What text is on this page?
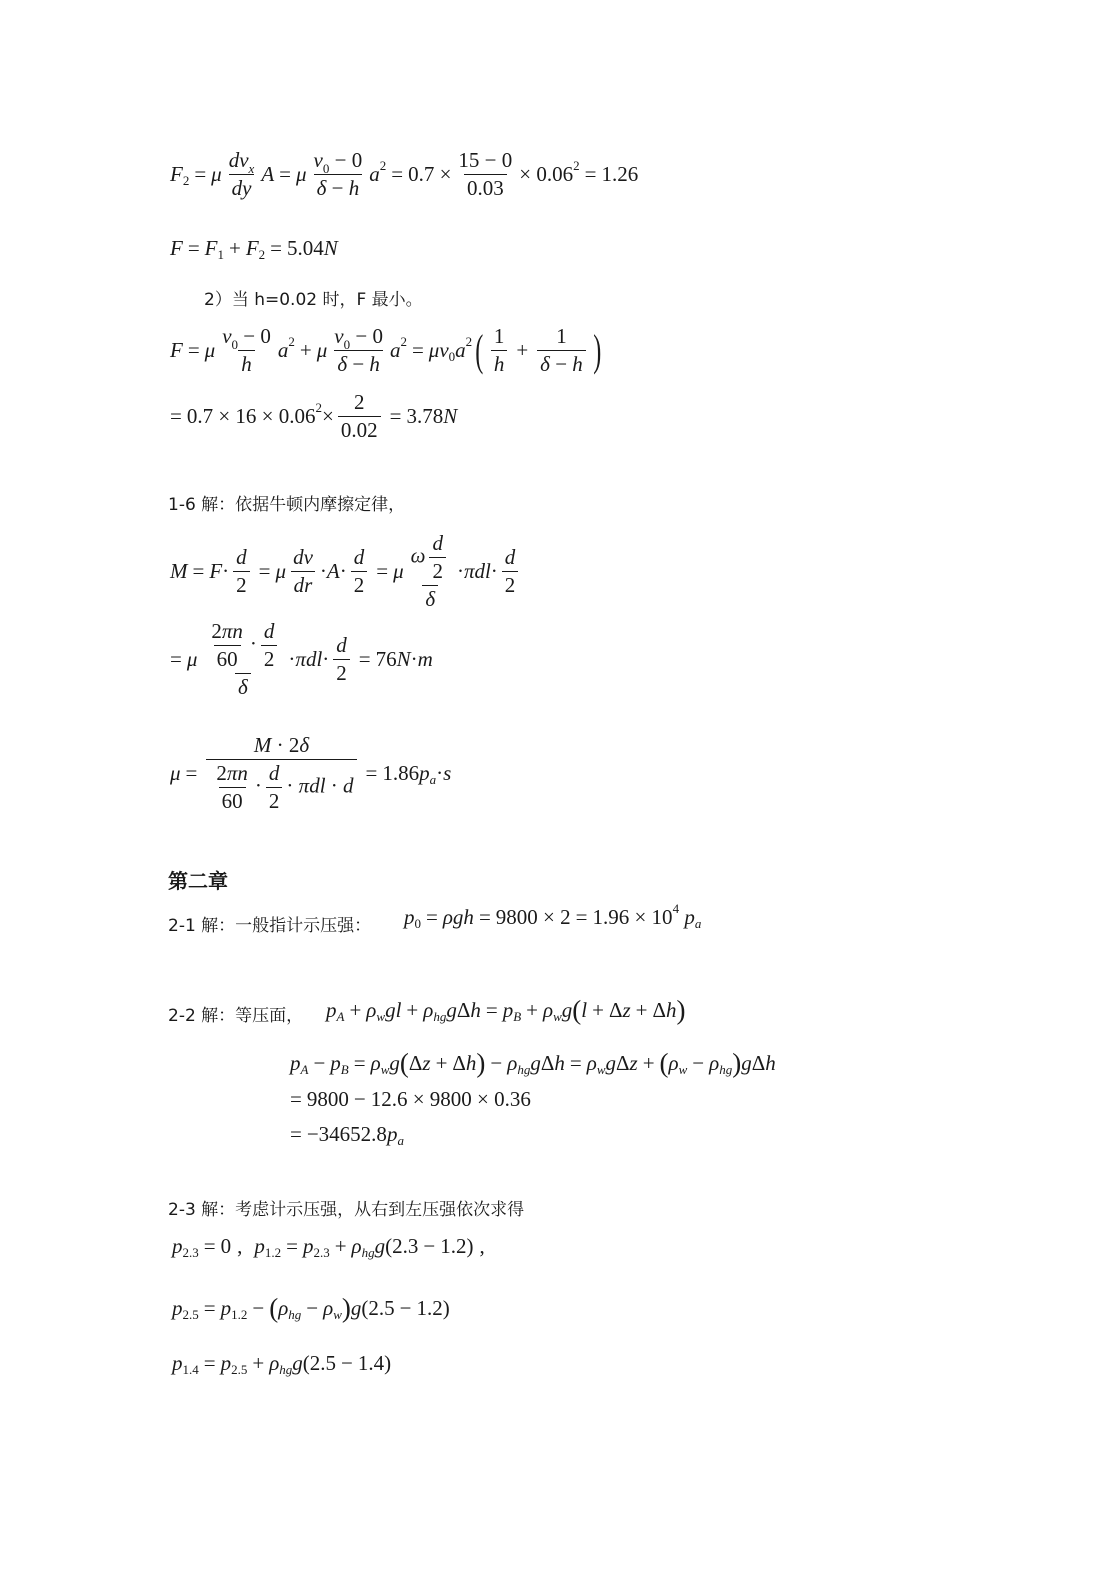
F 2 = μ $\frac{dv_x}{dy}$ A = μ $\frac{v_0 - 0}{\delta - h}$ a $2 = 0.7 \times \frac{15 - 0}{0.03} \times 0.06$ 2 = 1.26
F = F 1 + F 2 = 5.04 N
2）当 h=0.02 时，F 最小。
F = μ $\frac{v_0 - 0}{h}$ a 2 + μ $\frac{v_0 - 0}{\delta - h}$ a 2 = μv 0 a 2 ( $\frac{1}{h} + \frac{1}{\delta - h}$ )
= 0.7 × 16 × 0.06 $2 \times \frac{2}{0.02} = 3.78$ N
1-6 解：依据牛顿内摩擦定律，
$M = F \cdot \frac{d}{2} = \mu \frac{dv}{dr} \cdot A \cdot \frac{d}{2} = \mu \frac{\omega \frac{d}{2}}{\delta} \cdot \pi dl \cdot \frac{d}{2}$
= μ $\frac{\frac{2\pi n}{60} \cdot \frac{d}{2}}{\delta} \cdot \pi dl \cdot \frac{d}{2} = 76$ N · m
$\mu = \frac{M \cdot 2\delta}{\frac{2\pi n}{60} \cdot \frac{d}{2} \cdot \pi dl \cdot d} = 1.86$ p a · s
第二章
2-1 解：一般指计示压强： p 0 = ρgh = 9800 × 2 = 1.96 × 10 4
p a
2-2 解：等压面， p A + ρ w gl + ρ hg g Δ h = p B + ρ w g ( l + Δ z + Δ h )
p A − p B = ρ w g ( Δ z + Δ h ) − ρ hg g Δ h = ρ w g Δ z + ( ρ w − ρ hg ) g Δ h
= 9800 − 12.6 × 9800 × 0.36
= −34652.8 p a
2-3 解：考虑计示压强，从右到左压强依次求得
p 2.3 = 0 , p 1.2 = p 2.3 + ρ hg g (2.3 − 1.2) ,
p 2.5 = p 1.2 − ( ρ hg − ρ w ) g (2.5 − 1.2)
p 1.4 = p 2.5 + ρ hg g (2.5 − 1.4)
